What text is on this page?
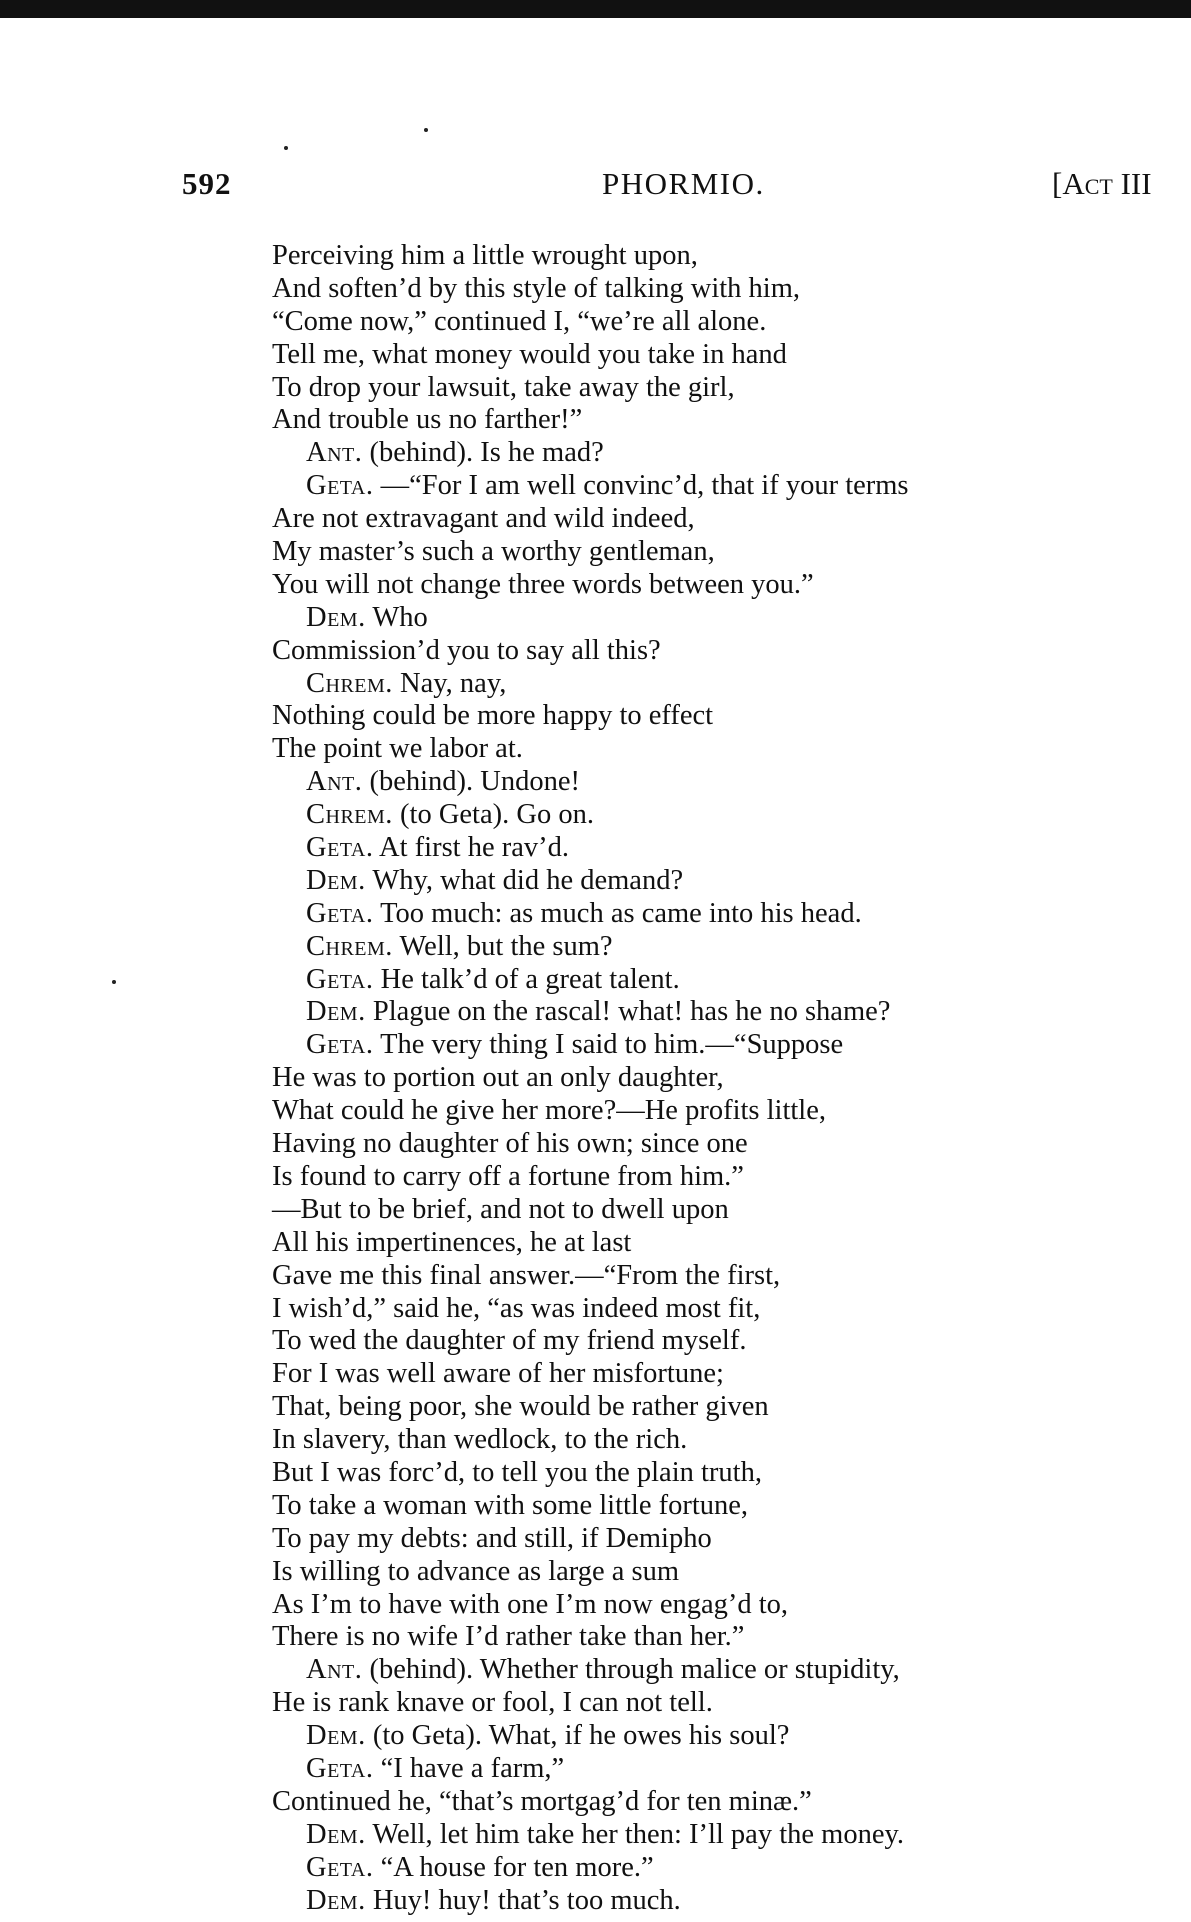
592	PHORMIO.	[Act III
Perceiving him a little wrought upon,
And soften’d by this style of talking with him,
“Come now,” continued I, “we’re all alone.
Tell me, what money would you take in hand
To drop your lawsuit, take away the girl,
And trouble us no farther!”
Ant . (behind). Is he mad?
Geta . —“For I am well convinc’d, that if your terms
Are not extravagant and wild indeed,
My master’s such a worthy gentleman,
You will not change three words between you.”
Dem . Who
Commission’d you to say all this?
Chrem . Nay, nay,
Nothing could be more happy to effect
The point we labor at.
Ant . (behind). Undone!
Chrem . (to Geta). Go on.
Geta . At first he rav’d.
Dem . Why, what did he demand?
Geta . Too much: as much as came into his head.
Chrem . Well, but the sum?
Geta . He talk’d of a great talent.
Dem . Plague on the rascal! what! has he no shame?
Geta . The very thing I said to him.—“Suppose
He was to portion out an only daughter,
What could he give her more?—He profits little,
Having no daughter of his own; since one
Is found to carry off a fortune from him.”
—But to be brief, and not to dwell upon
All his impertinences, he at last
Gave me this final answer.—“From the first,
I wish’d,” said he, “as was indeed most fit,
To wed the daughter of my friend myself.
For I was well aware of her misfortune;
That, being poor, she would be rather given
In slavery, than wedlock, to the rich.
But I was forc’d, to tell you the plain truth,
To take a woman with some little fortune,
To pay my debts: and still, if Demipho
Is willing to advance as large a sum
As I’m to have with one I’m now engag’d to,
There is no wife I’d rather take than her.”
Ant . (behind). Whether through malice or stupidity,
He is rank knave or fool, I can not tell.
Dem . (to Geta). What, if he owes his soul?
Geta . “I have a farm,”
Continued he, “that’s mortgag’d for ten minæ.”
Dem . Well, let him take her then: I’ll pay the money.
Geta . “A house for ten more.”
Dem . Huy! huy! that’s too much.
